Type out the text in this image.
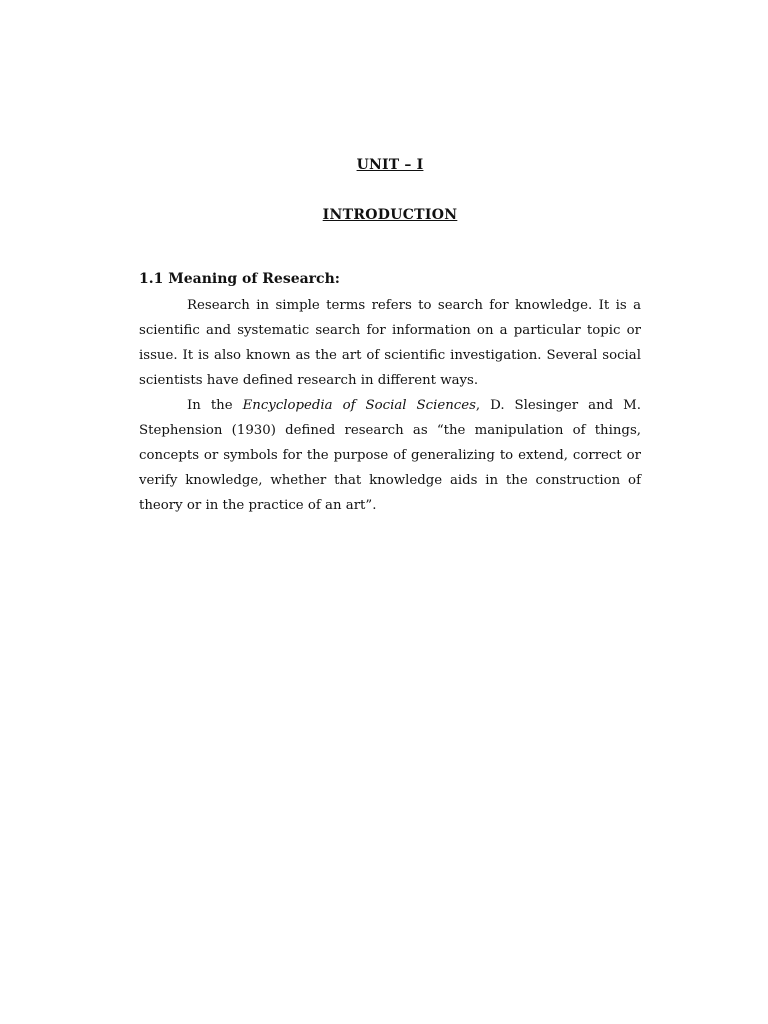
UNIT – I
INTRODUCTION
1.1 Meaning of Research:

Research in simple terms refers to search for knowledge. It is a scientific and systematic search for information on a particular topic or issue. It is also known as the art of scientific investigation. Several social scientists have defined research in different ways.

In the Encyclopedia of Social Sciences, D. Slesinger and M. Stephension (1930) defined research as “the manipulation of things, concepts or symbols for the purpose of generalizing to extend, correct or verify knowledge, whether that knowledge aids in the construction of theory or in the practice of an art”.
